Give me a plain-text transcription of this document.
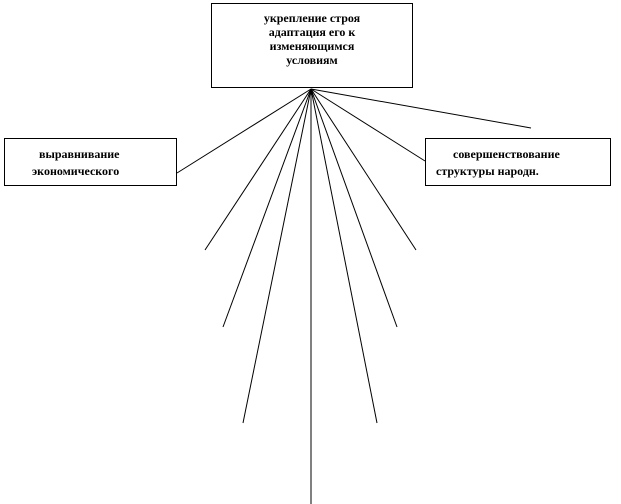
укрепление строя
адаптация его к
изменяющимся
условиям
выравнивание
экономического
совершенствование
структуры народн.
